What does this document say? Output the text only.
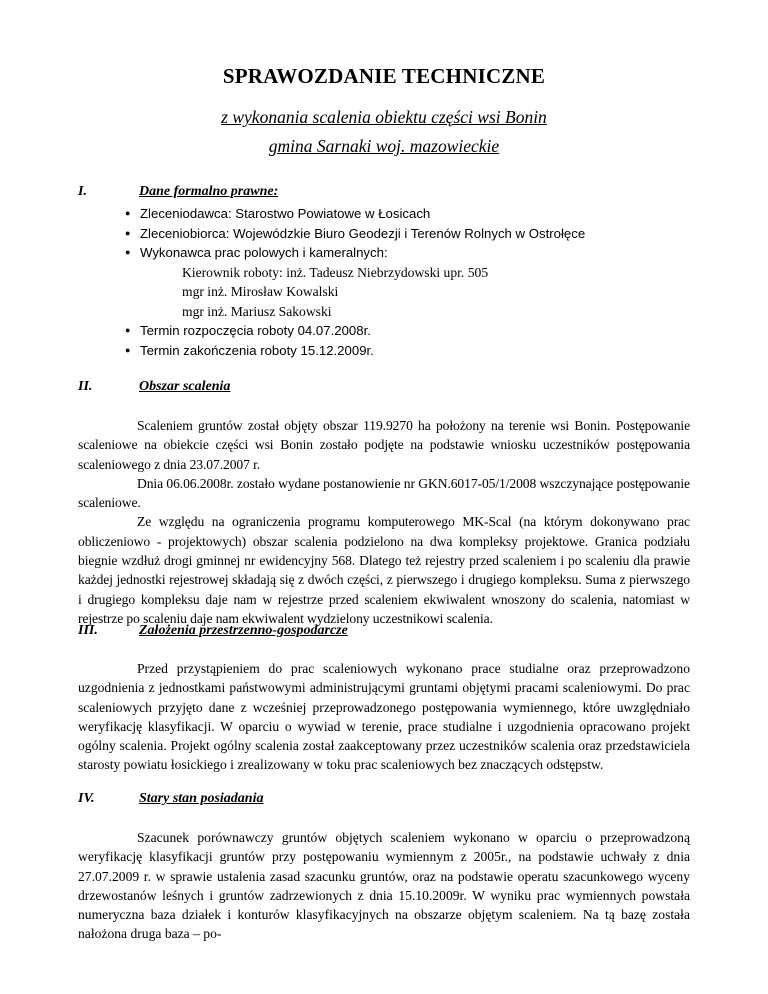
SPRAWOZDANIE TECHNICZNE
z wykonania scalenia obiektu części wsi Bonin
gmina Sarnaki woj. mazowieckie
I.	Dane formalno prawne:
● Zleceniodawca: Starostwo Powiatowe w Łosicach
● Zleceniobiorca: Wojewódzkie Biuro Geodezji i Terenów Rolnych w Ostrołęce
● Wykonawca prac polowych i kameralnych:
Kierownik roboty: inż. Tadeusz Niebrzydowski upr. 505
mgr inż. Mirosław Kowalski
mgr inż. Mariusz Sakowski
● Termin rozpoczęcia roboty 04.07.2008r.
● Termin zakończenia roboty 15.12.2009r.
II.	Obszar scalenia

Scaleniem gruntów został objęty obszar 119.9270 ha położony na terenie wsi Bonin. Postępowanie scaleniowe na obiekcie części wsi Bonin zostało podjęte na podstawie wniosku uczestników postępowania scaleniowego z dnia 23.07.2007 r.

Dnia 06.06.2008r. zostało wydane postanowienie nr GKN.6017-05/1/2008 wszczynające postępowanie scaleniowe.

Ze względu na ograniczenia programu komputerowego MK-Scal (na którym dokonywano prac obliczeniowo - projektowych) obszar scalenia podzielono na dwa kompleksy projektowe. Granica podziału biegnie wzdłuż drogi gminnej nr ewidencyjny 568. Dlatego też rejestry przed scaleniem i po scaleniu dla prawie każdej jednostki rejestrowej składają się z dwóch części, z pierwszego i drugiego kompleksu. Suma z pierwszego i drugiego kompleksu daje nam w rejestrze przed scaleniem ekwiwalent wnoszony do scalenia, natomiast w rejestrze po scaleniu daje nam ekwiwalent wydzielony uczestnikowi scalenia.

III.	Założenia przestrzenno-gospodarcze

Przed przystąpieniem do prac scaleniowych wykonano prace studialne oraz przeprowadzono uzgodnienia z jednostkami państwowymi administrującymi gruntami objętymi pracami scaleniowymi. Do prac scaleniowych przyjęto dane z wcześniej przeprowadzonego postępowania wymiennego, które uwzględniało weryfikację klasyfikacji. W oparciu o wywiad w terenie, prace studialne i uzgodnienia opracowano projekt ogólny scalenia. Projekt ogólny scalenia został zaakceptowany przez uczestników scalenia oraz przedstawiciela starosty powiatu łosickiego i zrealizowany w toku prac scaleniowych bez znaczących odstępstw.

IV.	Stary stan posiadania

Szacunek porównawczy gruntów objętych scaleniem wykonano w oparciu o przeprowadzoną weryfikację klasyfikacji gruntów przy postępowaniu wymiennym z 2005r., na podstawie uchwały z dnia 27.07.2009 r. w sprawie ustalenia zasad szacunku gruntów, oraz na podstawie operatu szacunkowego wyceny drzewostanów leśnych i gruntów zadrzewionych z dnia 15.10.2009r. W wyniku prac wymiennych powstała numeryczna baza działek i konturów klasyfikacyjnych na obszarze objętym scaleniem. Na tą bazę została nałożona druga baza – po-
